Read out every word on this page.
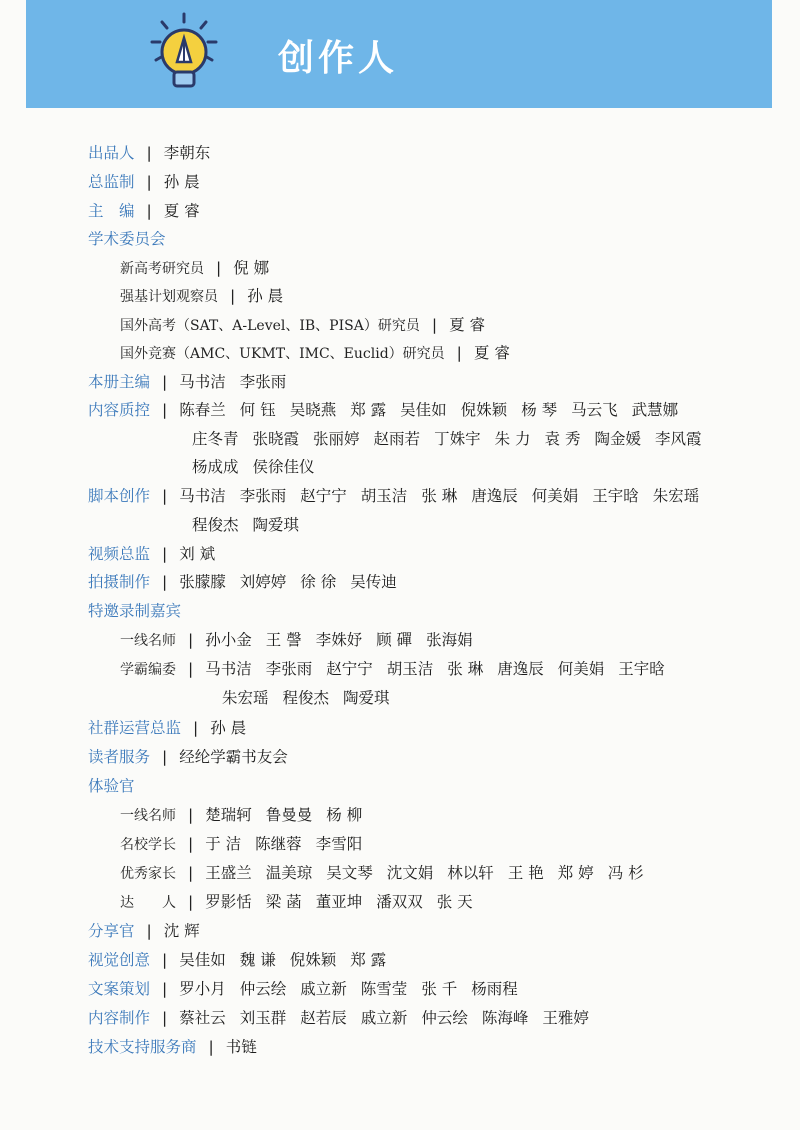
创作人
出品人 | 李朝东
总监制 | 孙 晨
主　编 | 夏 睿
学术委员会
新高考研究员 | 倪 娜
强基计划观察员 | 孙 晨
国外高考（SAT、A-Level、IB、PISA）研究员 | 夏 睿
国外竞赛（AMC、UKMT、IMC、Euclid）研究员 | 夏 睿
本册主编 | 马书洁 李张雨
内容质控 | 陈春兰 何 钰 吴晓燕 郑 露 吴佳如 倪姝颖 杨 琴 马云飞 武慧娜
庄冬青 张晓霞 张丽婷 赵雨若 丁姝宇 朱 力 袁 秀 陶金媛 李风霞
杨成成 侯徐佳仪
脚本创作 | 马书洁 李张雨 赵宁宁 胡玉洁 张 琳 唐逸辰 何美娟 王宇晗 朱宏瑶
程俊杰 陶爱琪
视频总监 | 刘 斌
拍摄制作 | 张朦朦 刘婷婷 徐 徐 吴传迪
特邀录制嘉宾
一线名师 | 孙小金 王 謦 李姝妤 顾 磾 张海娟
学霸编委 | 马书洁 李张雨 赵宁宁 胡玉洁 张 琳 唐逸辰 何美娟 王宇晗
朱宏瑶 程俊杰 陶爱琪
社群运营总监 | 孙 晨
读者服务 | 经纶学霸书友会
体验官
一线名师 | 楚瑞轲 鲁曼曼 杨 柳
名校学长 | 于 洁 陈继蓉 李雪阳
优秀家长 | 王盛兰 温美琼 吴文琴 沈文娟 林以轩 王 艳 郑 婷 冯 杉
达　　人 | 罗影恬 梁 菡 董亚坤 潘双双 张 天
分享官 | 沈 辉
视觉创意 | 吴佳如 魏 谦 倪姝颖 郑 露
文案策划 | 罗小月 仲云绘 戚立新 陈雪莹 张 千 杨雨程
内容制作 | 蔡社云 刘玉群 赵若辰 戚立新 仲云绘 陈海峰 王雅婷
技术支持服务商 | 书链
